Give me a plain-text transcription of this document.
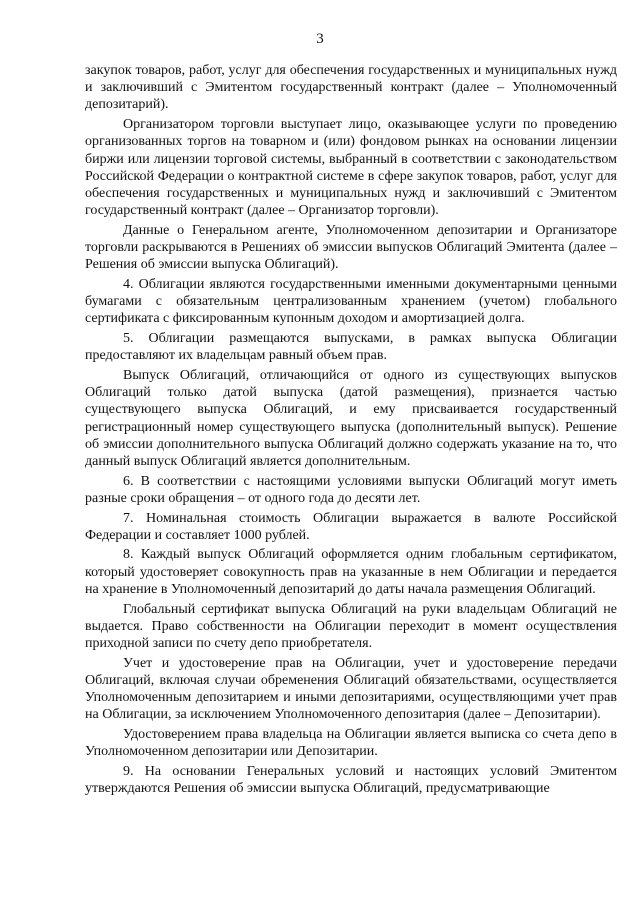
3

закупок товаров, работ, услуг для обеспечения государственных и муниципальных нужд и заключивший с Эмитентом государственный контракт (далее – Уполномоченный депозитарий).

Организатором торговли выступает лицо, оказывающее услуги по проведению организованных торгов на товарном и (или) фондовом рынках на основании лицензии биржи или лицензии торговой системы, выбранный в соответствии с законодательством Российской Федерации о контрактной системе в сфере закупок товаров, работ, услуг для обеспечения государственных и муниципальных нужд и заключивший с Эмитентом государственный контракт (далее – Организатор торговли).

Данные о Генеральном агенте, Уполномоченном депозитарии и Организаторе торговли раскрываются в Решениях об эмиссии выпусков Облигаций Эмитента (далее – Решения об эмиссии выпуска Облигаций).

4. Облигации являются государственными именными документарными ценными бумагами с обязательным централизованным хранением (учетом) глобального сертификата с фиксированным купонным доходом и амортизацией долга.

5. Облигации размещаются выпусками, в рамках выпуска Облигации предоставляют их владельцам равный объем прав.

Выпуск Облигаций, отличающийся от одного из существующих выпусков Облигаций только датой выпуска (датой размещения), признается частью существующего выпуска Облигаций, и ему присваивается государственный регистрационный номер существующего выпуска (дополнительный выпуск). Решение об эмиссии дополнительного выпуска Облигаций должно содержать указание на то, что данный выпуск Облигаций является дополнительным.

6. В соответствии с настоящими условиями выпуски Облигаций могут иметь разные сроки обращения – от одного года до десяти лет.

7. Номинальная стоимость Облигации выражается в валюте Российской Федерации и составляет 1000 рублей.

8. Каждый выпуск Облигаций оформляется одним глобальным сертификатом, который удостоверяет совокупность прав на указанные в нем Облигации и передается на хранение в Уполномоченный депозитарий до даты начала размещения Облигаций.

Глобальный сертификат выпуска Облигаций на руки владельцам Облигаций не выдается. Право собственности на Облигации переходит в момент осуществления приходной записи по счету депо приобретателя.

Учет и удостоверение прав на Облигации, учет и удостоверение передачи Облигаций, включая случаи обременения Облигаций обязательствами, осуществляется Уполномоченным депозитарием и иными депозитариями, осуществляющими учет прав на Облигации, за исключением Уполномоченного депозитария (далее – Депозитарии).

Удостоверением права владельца на Облигации является выписка со счета депо в Уполномоченном депозитарии или Депозитарии.

9. На основании Генеральных условий и настоящих условий Эмитентом утверждаются Решения об эмиссии выпуска Облигаций, предусматривающие
